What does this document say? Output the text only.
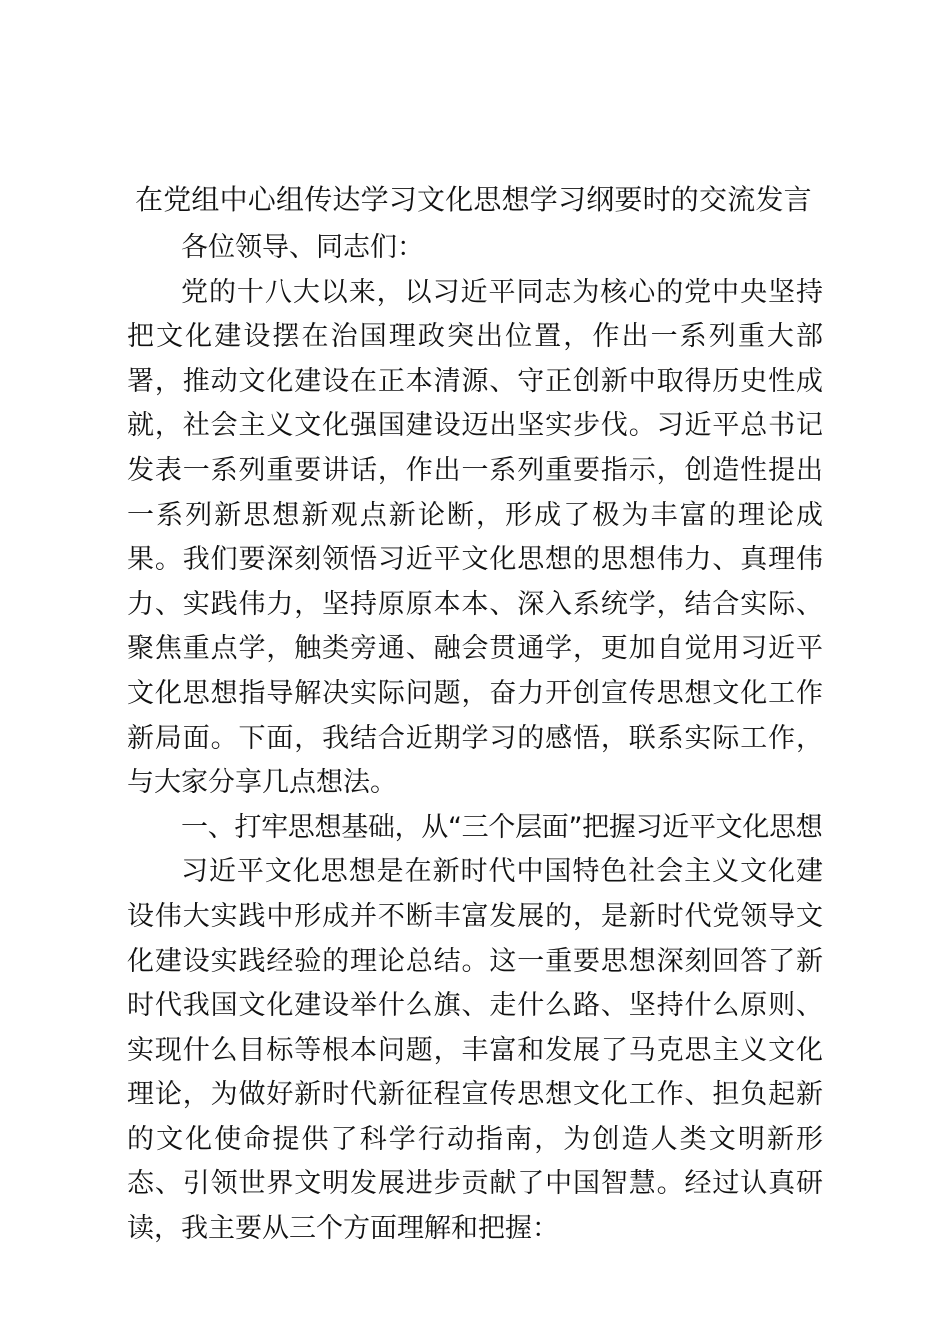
在党组中心组传达学习文化思想学习纲要时的交流发言

各位领导、同志们：

党的十八大以来，以习近平同志为核心的党中央坚持把文化建设摆在治国理政突出位置，作出一系列重大部署，推动文化建设在正本清源、守正创新中取得历史性成就，社会主义文化强国建设迈出坚实步伐。习近平总书记发表一系列重要讲话，作出一系列重要指示，创造性提出一系列新思想新观点新论断，形成了极为丰富的理论成果。我们要深刻领悟习近平文化思想的思想伟力、真理伟力、实践伟力，坚持原原本本、深入系统学，结合实际、聚焦重点学，触类旁通、融会贯通学，更加自觉用习近平文化思想指导解决实际问题，奋力开创宣传思想文化工作新局面。下面，我结合近期学习的感悟，联系实际工作，与大家分享几点想法。

一、打牢思想基础，从“三个层面”把握习近平文化思想

习近平文化思想是在新时代中国特色社会主义文化建设伟大实践中形成并不断丰富发展的，是新时代党领导文化建设实践经验的理论总结。这一重要思想深刻回答了新时代我国文化建设举什么旗、走什么路、坚持什么原则、实现什么目标等根本问题，丰富和发展了马克思主义文化理论，为做好新时代新征程宣传思想文化工作、担负起新的文化使命提供了科学行动指南，为创造人类文明新形态、引领世界文明发展进步贡献了中国智慧。经过认真研读，我主要从三个方面理解和把握：
